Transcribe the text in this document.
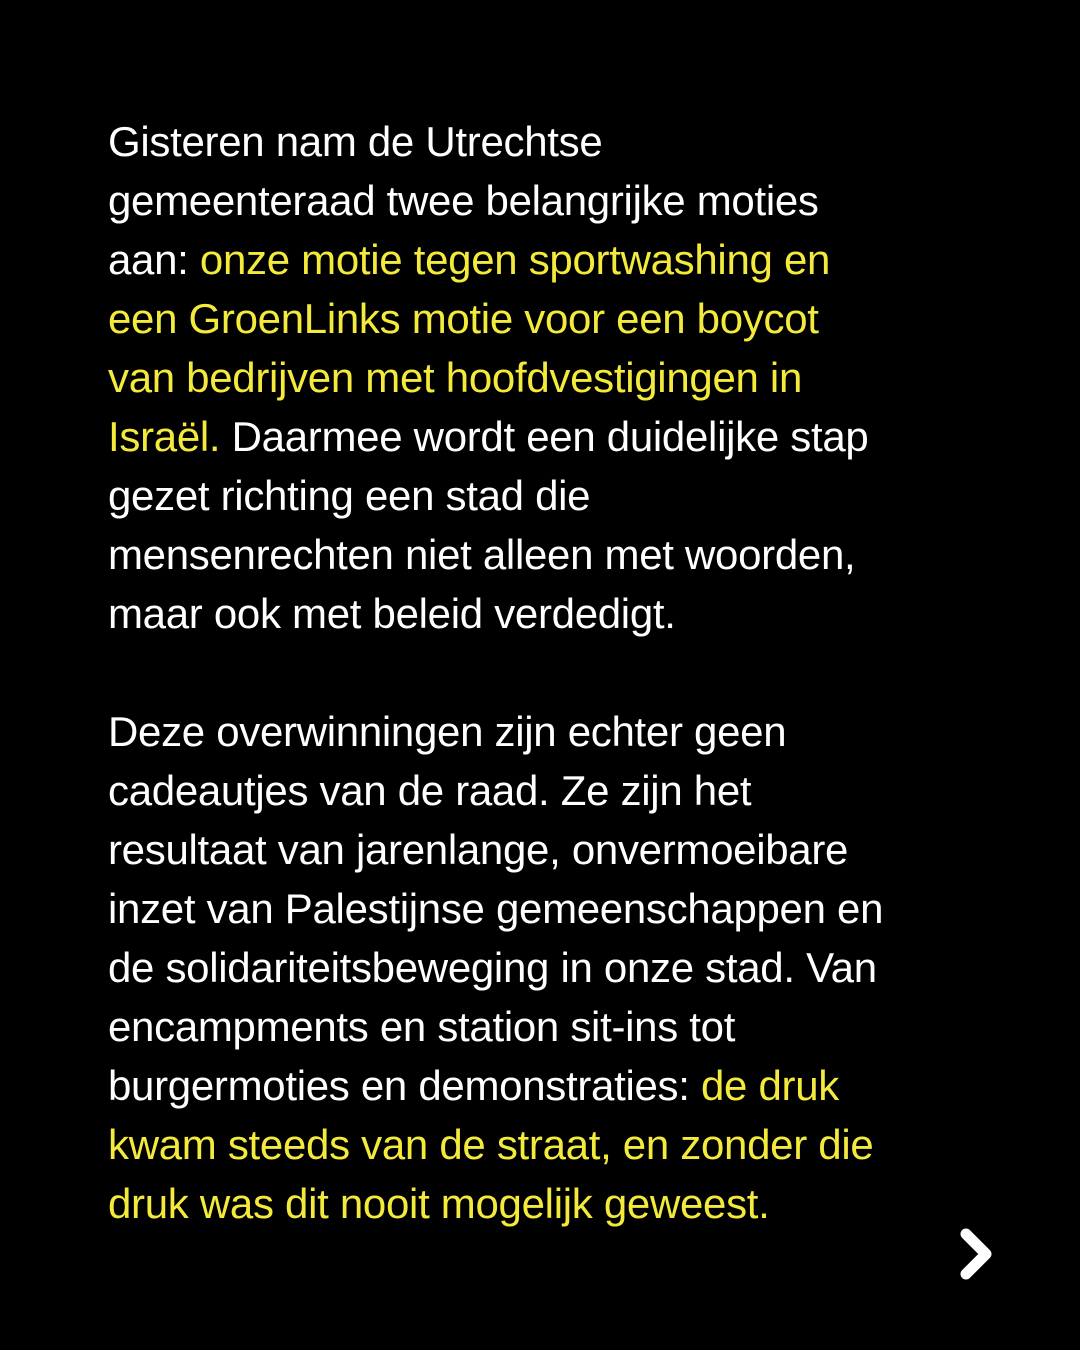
Gisteren nam de Utrechtse
gemeenteraad twee belangrijke moties
aan: onze motie tegen sportwashing en
een GroenLinks motie voor een boycot
van bedrijven met hoofdvestigingen in
Israël. Daarmee wordt een duidelijke stap
gezet richting een stad die
mensenrechten niet alleen met woorden,
maar ook met beleid verdedigt.

Deze overwinningen zijn echter geen
cadeautjes van de raad. Ze zijn het
resultaat van jarenlange, onvermoeibare
inzet van Palestijnse gemeenschappen en
de solidariteitsbeweging in onze stad. Van
encampments en station sit-ins tot
burgermoties en demonstraties: de druk
kwam steeds van de straat, en zonder die
druk was dit nooit mogelijk geweest.
